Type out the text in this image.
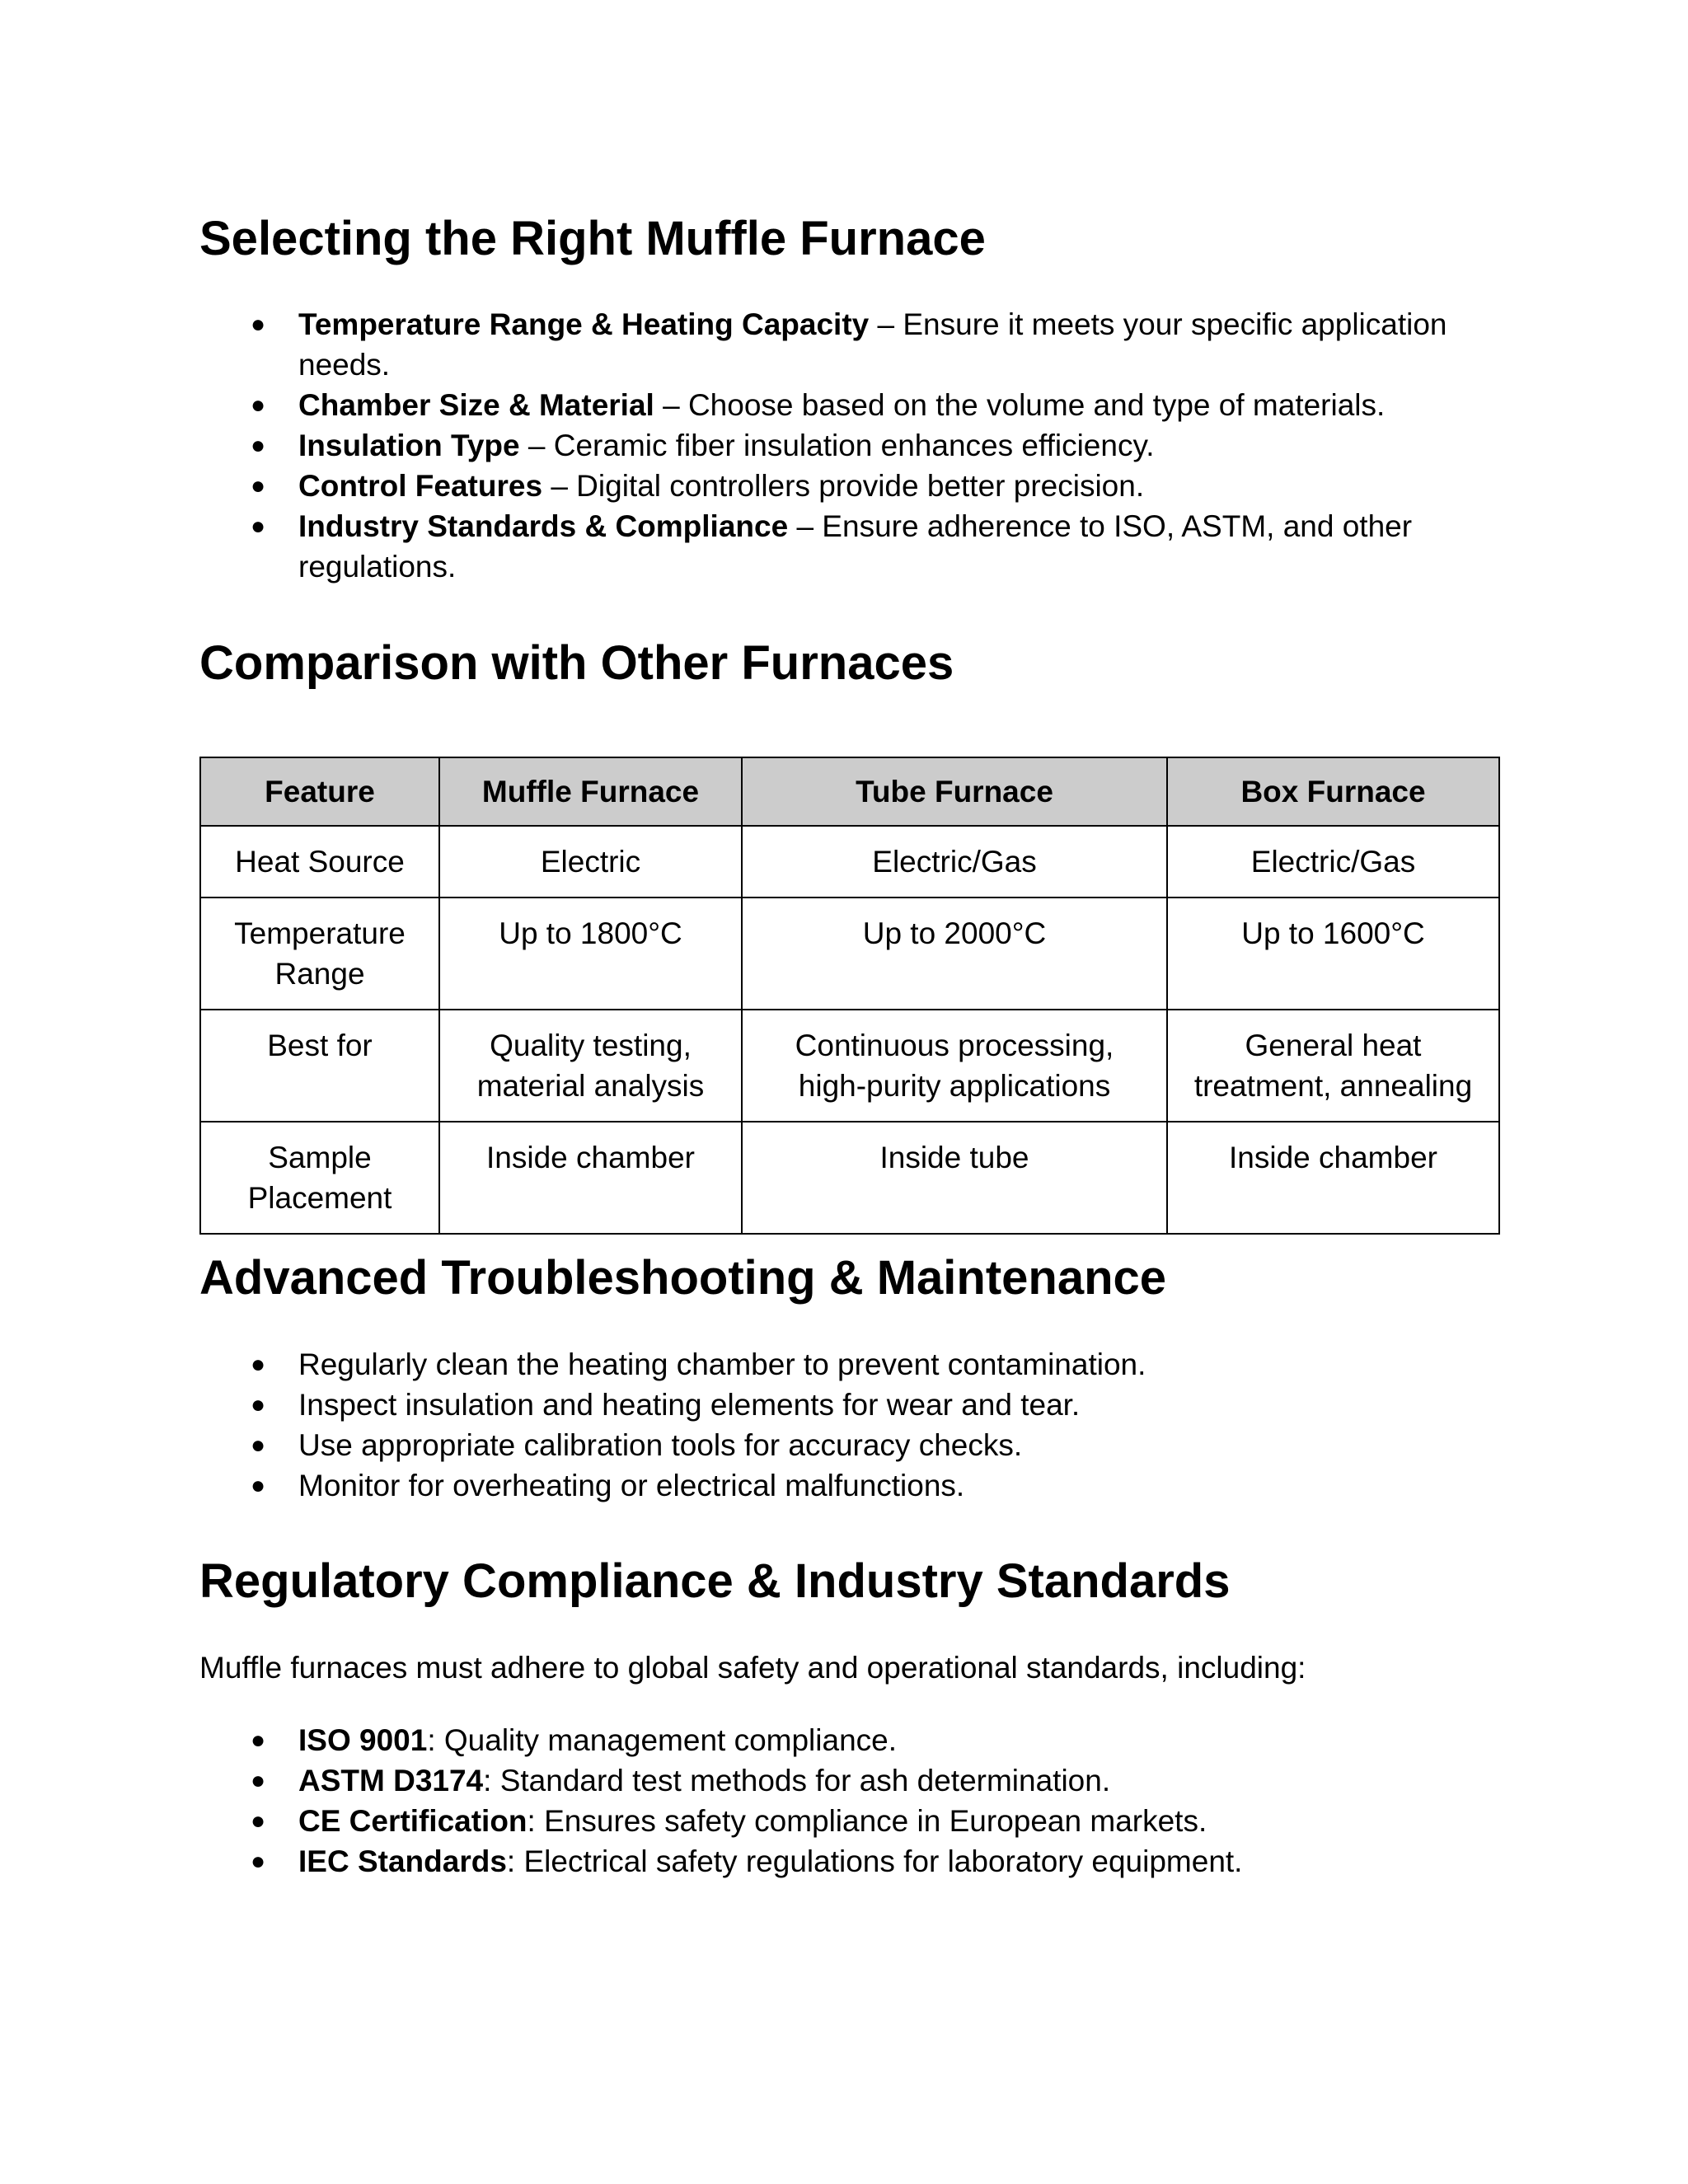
Selecting the Right Muffle Furnace
● Temperature Range & Heating Capacity – Ensure it meets your specific application needs.
● Chamber Size & Material – Choose based on the volume and type of materials.
● Insulation Type – Ceramic fiber insulation enhances efficiency.
● Control Features – Digital controllers provide better precision.
● Industry Standards & Compliance – Ensure adherence to ISO, ASTM, and other regulations.
Comparison with Other Furnaces
Feature	Muffle Furnace	Tube Furnace	Box Furnace
Heat Source	Electric	Electric/Gas	Electric/Gas
Temperature Range	Up to 1800°C	Up to 2000°C	Up to 1600°C
Best for	Quality testing, material analysis	Continuous processing, high-purity applications	General heat treatment, annealing
Sample Placement	Inside chamber	Inside tube	Inside chamber
Advanced Troubleshooting & Maintenance
● Regularly clean the heating chamber to prevent contamination.
● Inspect insulation and heating elements for wear and tear.
● Use appropriate calibration tools for accuracy checks.
● Monitor for overheating or electrical malfunctions.
Regulatory Compliance & Industry Standards

Muffle furnaces must adhere to global safety and operational standards, including:

● ISO 9001: Quality management compliance.
● ASTM D3174: Standard test methods for ash determination.
● CE Certification: Ensures safety compliance in European markets.
● IEC Standards: Electrical safety regulations for laboratory equipment.
